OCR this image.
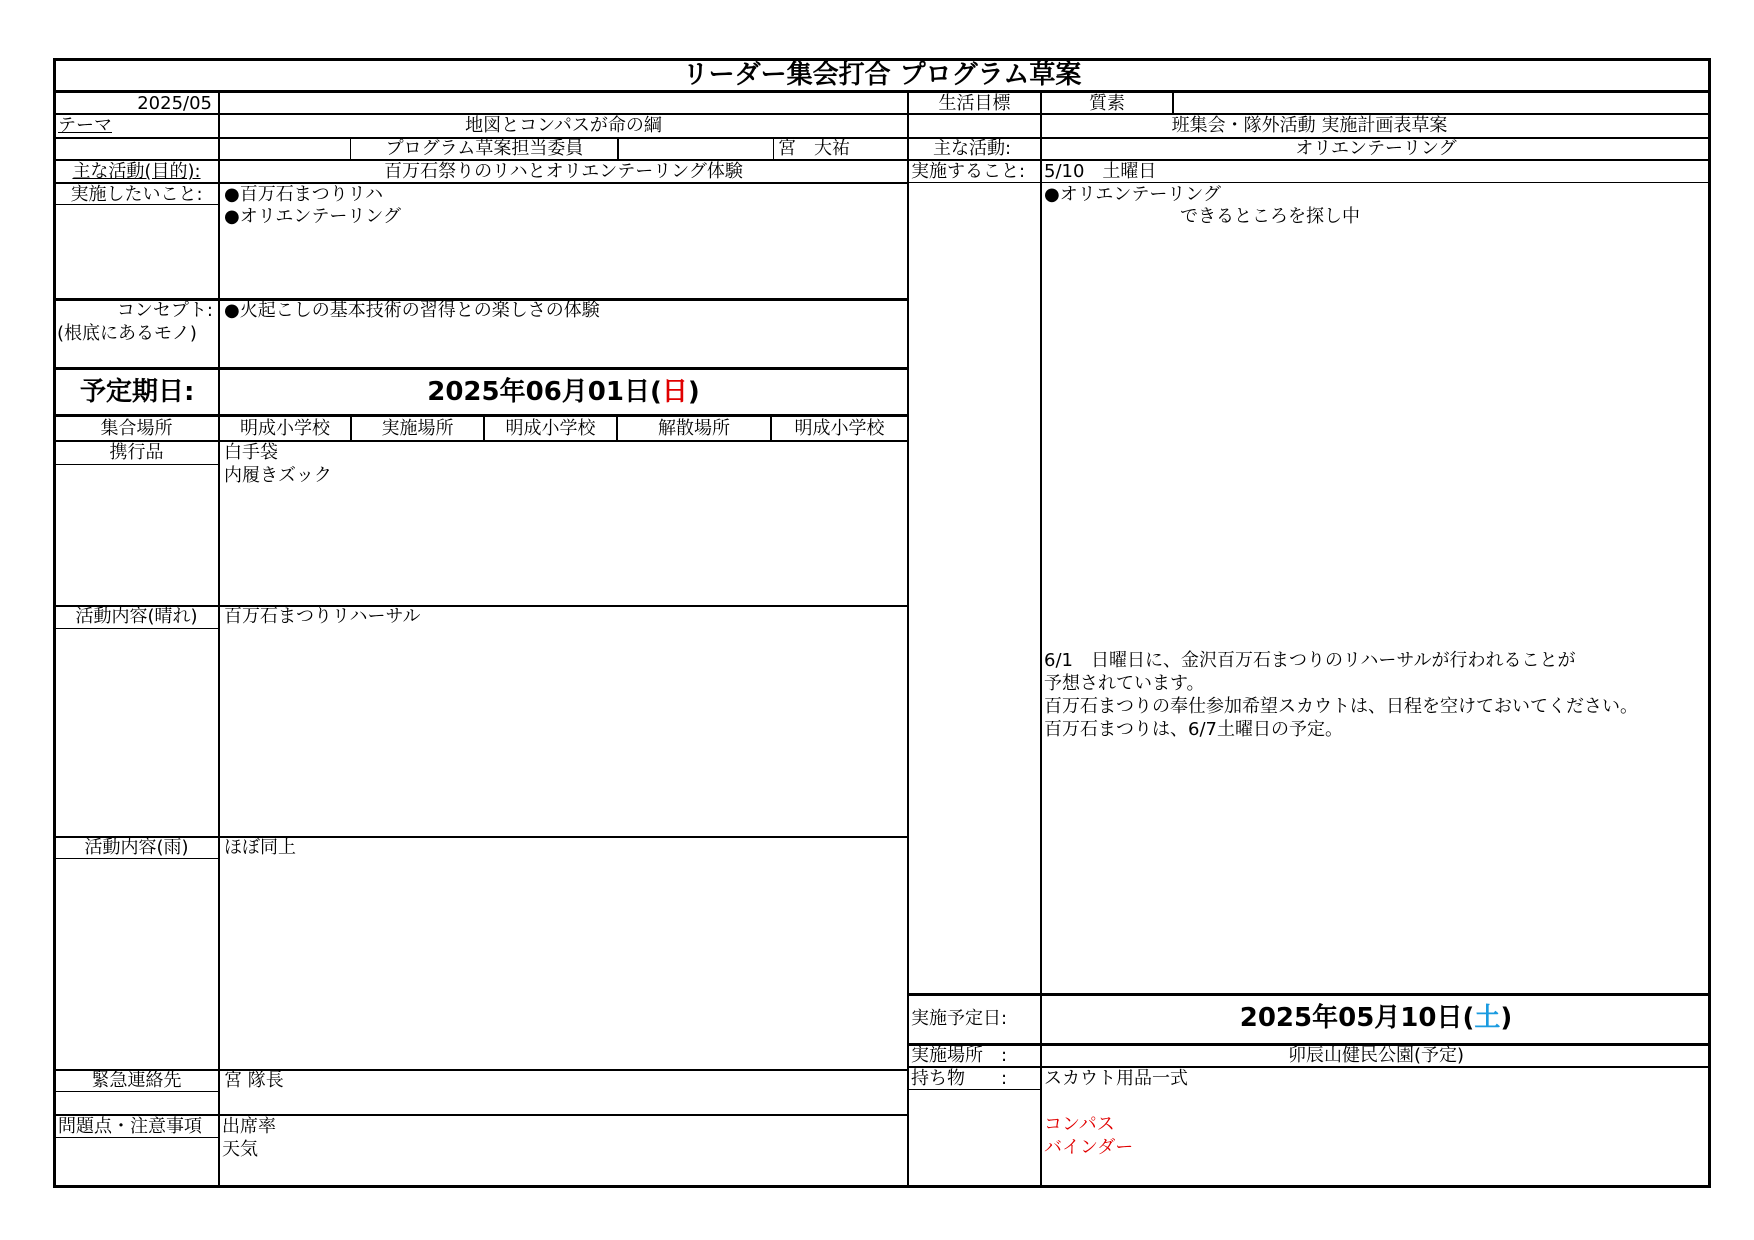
リーダー集会打合 プログラム草案
2025/05
テーマ	地図とコンパスが命の綱
プログラム草案担当委員	宮　大祐
主な活動(目的):	百万石祭りのリハとオリエンテーリング体験
実施したいこと:	●百万石まつりリハ
●オリエンテーリング
コンセプト:
(根底にあるモノ)
●火起こしの基本技術の習得との楽しさの体験
予定期日:	2025年06月01日(日)
集合場所	明成小学校	実施場所	明成小学校	解散場所	明成小学校
携行品	白手袋
内履きズック
活動内容(晴れ)	百万石まつりリハーサル
活動内容(雨)	ほぼ同上
緊急連絡先	宮 隊長
問題点・注意事項 出席率
天気
生活目標	質素
班集会・隊外活動 実施計画表草案
主な活動:	オリエンテーリング
実施すること: 5/10　土曜日
●オリエンテーリング
できるところを探し中
6/1　日曜日に、金沢百万石まつりのリハーサルが行われることが
予想されています。
百万石まつりの奉仕参加希望スカウトは、日程を空けておいてください。
百万石まつりは、6/7土曜日の予定。
実施予定日:	2025年05月10日(土)
実施場所　:	卯辰山健民公園(予定)
持ち物　　: スカウト用品一式
コンパス
バインダー
